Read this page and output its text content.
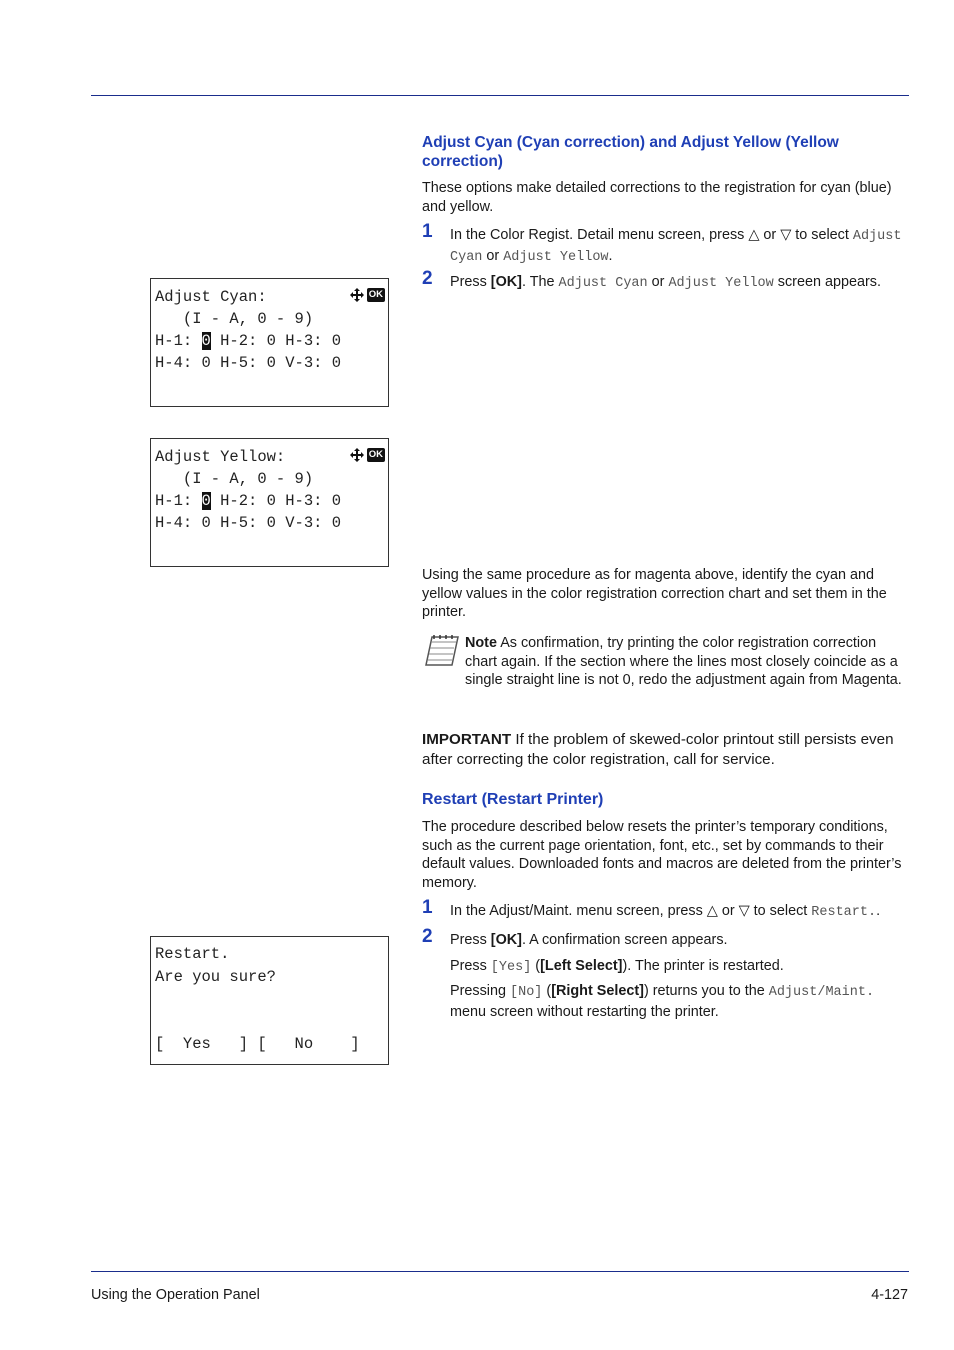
Adjust Cyan (Cyan correction) and Adjust Yellow (Yellow correction)

These options make detailed corrections to the registration for cyan (blue) and yellow.

1 In the Color Regist. Detail menu screen, press △ or ▽ to select Adjust Cyan or Adjust Yellow.
2 Press [OK]. The Adjust Cyan or Adjust Yellow screen appears.
Adjust Cyan:	OK
(I - A, 0 - 9)
H-1: 0 H-2: 0 H-3: 0
H-4: 0 H-5: 0 V-3: 0
Adjust Yellow:	OK
(I - A, 0 - 9)
H-1: 0 H-2: 0 H-3: 0
H-4: 0 H-5: 0 V-3: 0

Using the same procedure as for magenta above, identify the cyan and yellow values in the color registration correction chart and set them in the printer.

Note As confirmation, try printing the color registration correction chart again. If the section where the lines most closely coincide as a single straight line is not 0, redo the adjustment again from Magenta.

IMPORTANT If the problem of skewed-color printout still persists even after correcting the color registration, call for service.

Restart (Restart Printer)

The procedure described below resets the printer’s temporary conditions, such as the current page orientation, font, etc., set by commands to their default values. Downloaded fonts and macros are deleted from the printer’s memory.

1 In the Adjust/Maint. menu screen, press △ or ▽ to select Restart..
2 Press [OK]. A confirmation screen appears.

Press [Yes] ([Left Select]). The printer is restarted.

Pressing [No] ([Right Select]) returns you to the Adjust/Maint. menu screen without restarting the printer.

Restart.
Are you sure?
[  Yes   ] [   No    ]
Using the Operation Panel	4-127
